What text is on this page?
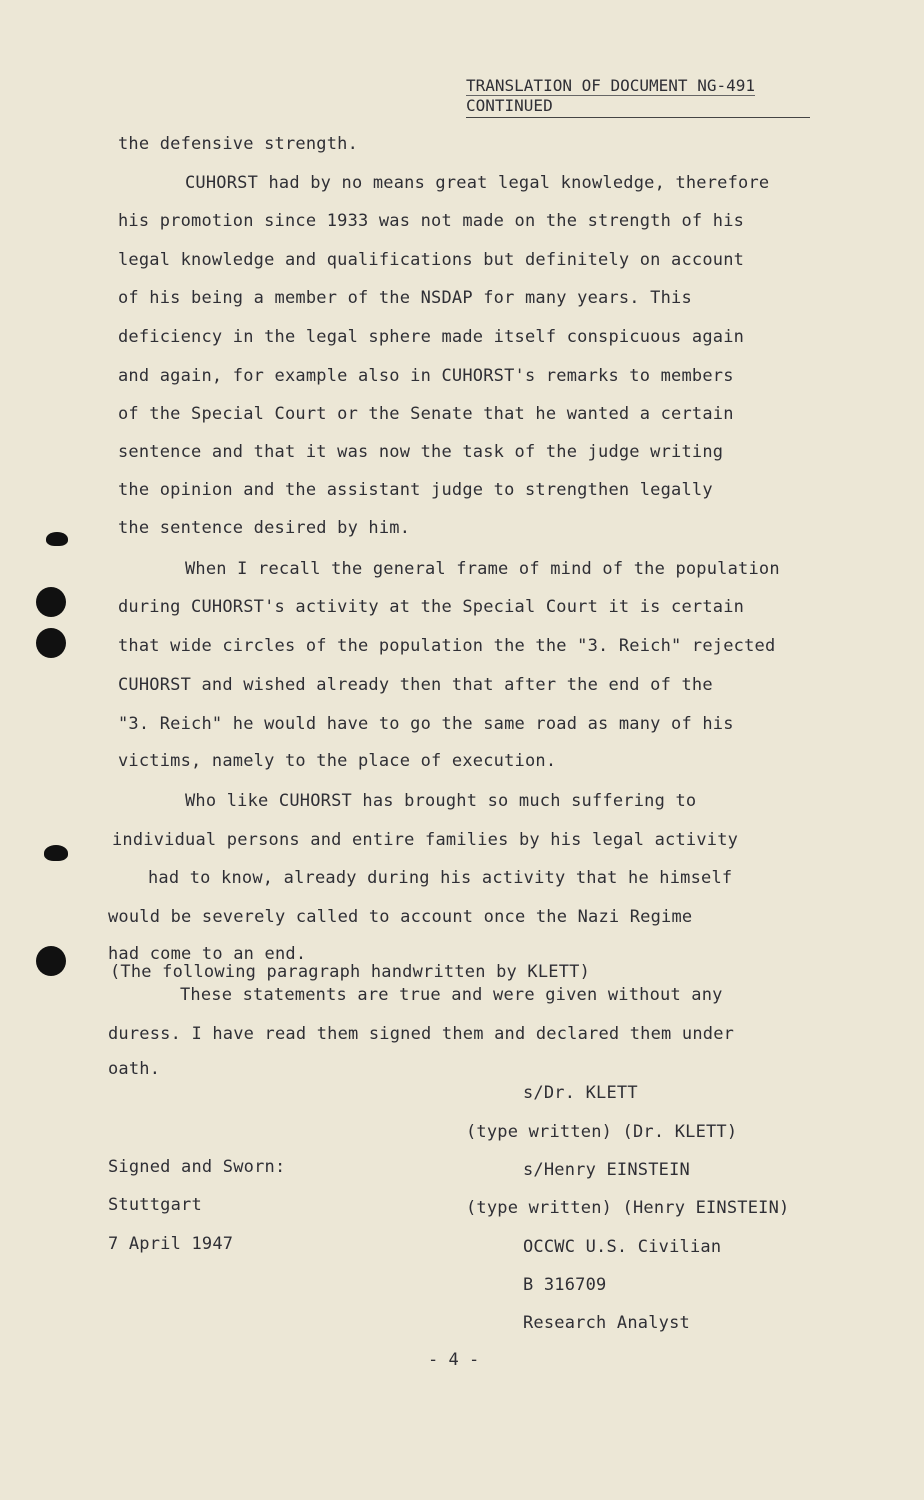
TRANSLATION OF DOCUMENT NG-491
CONTINUED
the defensive strength.
CUHORST had by no means great legal knowledge, therefore
his promotion since 1933 was not made on the strength of his
legal knowledge and qualifications but definitely on account
of his being a member of the NSDAP for many years. This
deficiency in the legal sphere made itself conspicuous again
and again, for example also in CUHORST's remarks to members
of the Special Court or the Senate that he wanted a certain
sentence and that it was now the task of the judge writing
the opinion and the assistant judge to strengthen legally
the sentence desired by him.
When I recall the general frame of mind of the population
during CUHORST's activity at the Special Court it is certain
that wide circles of the population the the "3. Reich" rejected
CUHORST and wished already then that after the end of the
"3. Reich" he would have to go the same road as many of his
victims, namely to the place of execution.
Who like CUHORST has brought so much suffering to
individual persons and entire families by his legal activity
had to know, already during his activity that he himself
would be severely called to account once the Nazi Regime
had come to an end.
(The following paragraph handwritten by KLETT)
These statements are true and were given without any
duress. I have read them signed them and declared them under
oath.
s/Dr. KLETT
(type written) (Dr. KLETT)
s/Henry EINSTEIN
(type written) (Henry EINSTEIN)
OCCWC U.S. Civilian
B 316709
Research Analyst
Signed and Sworn:
Stuttgart
7 April 1947
- 4 -
